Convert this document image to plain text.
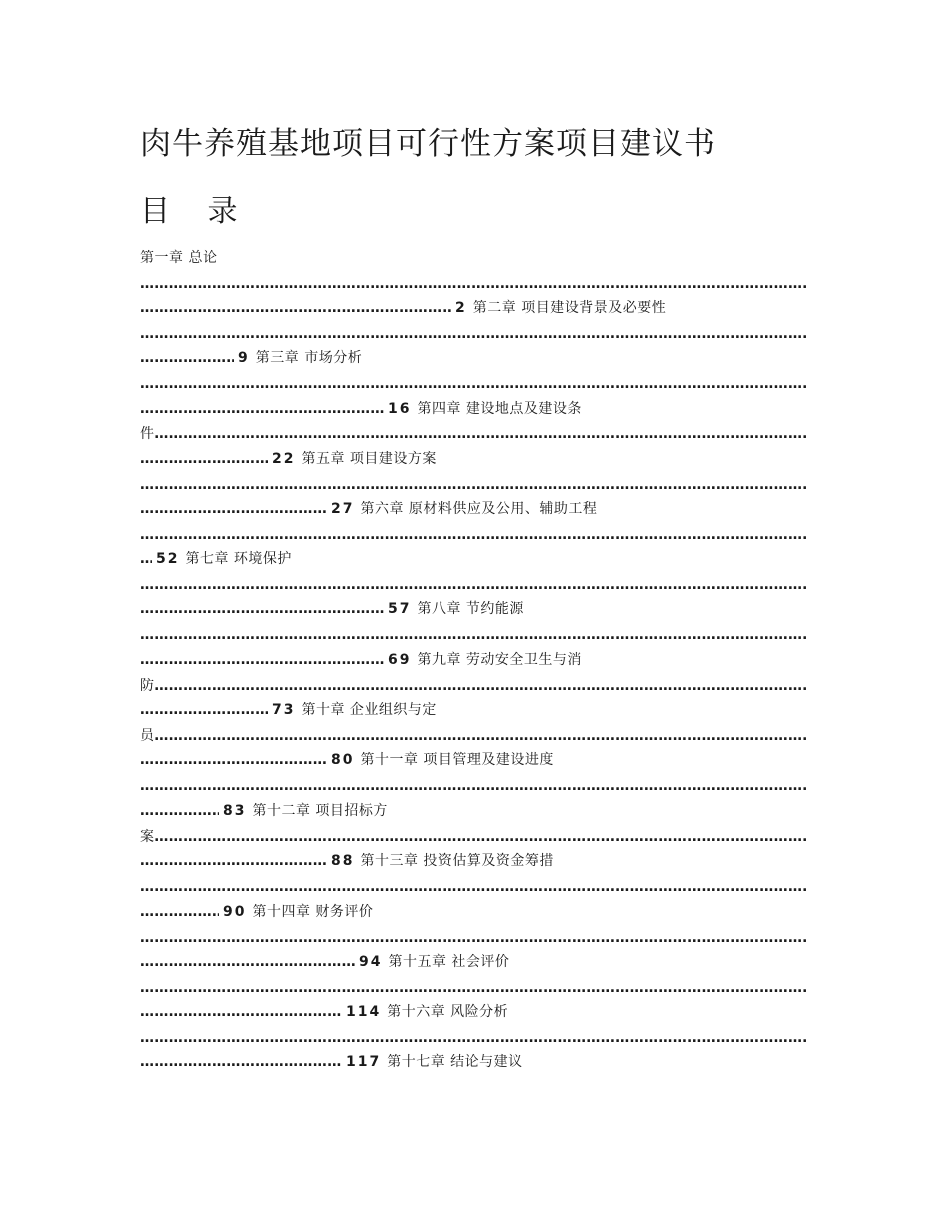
肉牛养殖基地项目可行性方案项目建议书
目 录
第一章 总论
……………………………………………………………………………………………………………………………………………………………………………………………………………………………………………………………………
……………………………………………………………………………………………………………………………………………………………………………………………………………………………………………………………………
2 第二章 项目建设背景及必要性
……………………………………………………………………………………………………………………………………………………………………………………………………………………………………………………………………
……………………………………………………………………………………………………………………………………………………………………………………………………………………………………………………………………
9 第三章 市场分析
……………………………………………………………………………………………………………………………………………………………………………………………………………………………………………………………………
……………………………………………………………………………………………………………………………………………………………………………………………………………………………………………………………………
16 第四章 建设地点及建设条
……………………………………………………………………………………………………………………………………………………………………………………………………………………………………………………………………
件
……………………………………………………………………………………………………………………………………………………………………………………………………………………………………………………………………
22 第五章 项目建设方案
……………………………………………………………………………………………………………………………………………………………………………………………………………………………………………………………………
……………………………………………………………………………………………………………………………………………………………………………………………………………………………………………………………………
27 第六章 原材料供应及公用、辅助工程
……………………………………………………………………………………………………………………………………………………………………………………………………………………………………………………………………
……………………………………………………………………………………………………………………………………………………………………………………………………………………………………………………………………
52 第七章 环境保护
……………………………………………………………………………………………………………………………………………………………………………………………………………………………………………………………………
……………………………………………………………………………………………………………………………………………………………………………………………………………………………………………………………………
57 第八章 节约能源
……………………………………………………………………………………………………………………………………………………………………………………………………………………………………………………………………
……………………………………………………………………………………………………………………………………………………………………………………………………………………………………………………………………
69 第九章 劳动安全卫生与消
……………………………………………………………………………………………………………………………………………………………………………………………………………………………………………………………………
防
……………………………………………………………………………………………………………………………………………………………………………………………………………………………………………………………………
73 第十章 企业组织与定
……………………………………………………………………………………………………………………………………………………………………………………………………………………………………………………………………
员
……………………………………………………………………………………………………………………………………………………………………………………………………………………………………………………………………
80 第十一章 项目管理及建设进度
……………………………………………………………………………………………………………………………………………………………………………………………………………………………………………………………………
……………………………………………………………………………………………………………………………………………………………………………………………………………………………………………………………………
83 第十二章 项目招标方
……………………………………………………………………………………………………………………………………………………………………………………………………………………………………………………………………
案
……………………………………………………………………………………………………………………………………………………………………………………………………………………………………………………………………
88 第十三章 投资估算及资金筹措
……………………………………………………………………………………………………………………………………………………………………………………………………………………………………………………………………
……………………………………………………………………………………………………………………………………………………………………………………………………………………………………………………………………
90 第十四章 财务评价
……………………………………………………………………………………………………………………………………………………………………………………………………………………………………………………………………
……………………………………………………………………………………………………………………………………………………………………………………………………………………………………………………………………
94 第十五章 社会评价
……………………………………………………………………………………………………………………………………………………………………………………………………………………………………………………………………
……………………………………………………………………………………………………………………………………………………………………………………………………………………………………………………………………
114 第十六章 风险分析
……………………………………………………………………………………………………………………………………………………………………………………………………………………………………………………………………
……………………………………………………………………………………………………………………………………………………………………………………………………………………………………………………………………
117 第十七章 结论与建议
